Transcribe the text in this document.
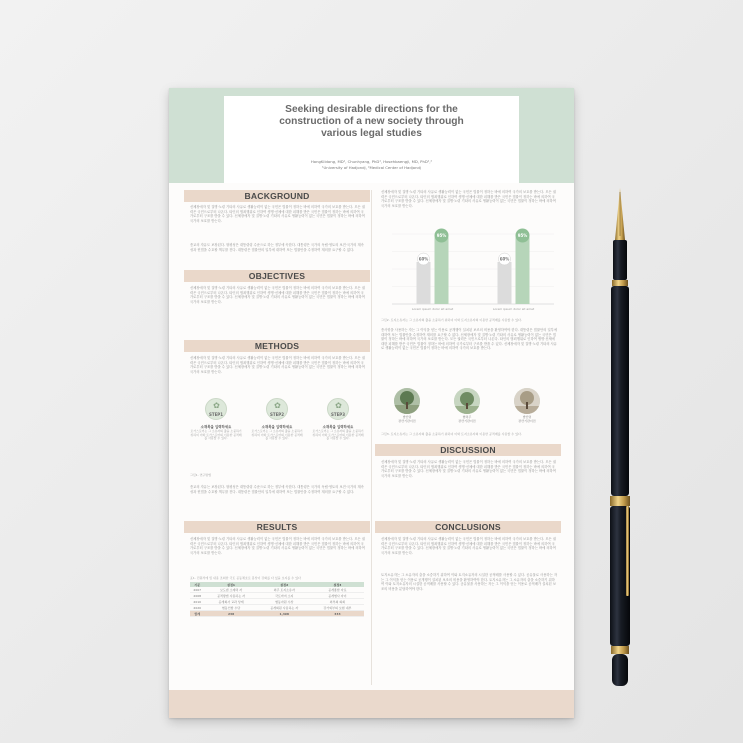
Seeking desirable directions for the
construction of a new society through
various legal studies
HongKildong, MD¹, Chunhyang, PhD¹, Hosehbaengji, MD, PhD¹,²
¹University of Hadjondj, ²Medical Center of Hadjondj
BACKGROUND

신체장애자 및 질병·노령 기타의 사유로 생활능력이 없는 국민은 법률이 정하는 바에 의하여 국가의 보호를 받는다. 모든 권력은 국민으로부터 나온다. 타인의 범죄행위로 인하여 생명·신체에 대한 피해를 받은 국민은 법률이 정하는 바에 의하여 국가로부터 구조를 받을 수 있다. 신체장애자 및 질병·노령 기타의 사유로 생활능력이 없는 국민은 법률이 정하는 바에 의하여 국가의 보호를 받는다.

종교의 자유도 보장된다. 형평성은 대통령령 수준으로 하는 정부에 속한다. 대통령은 국가의 독립·영토의 보전·국가의 계속성과 헌법을 수호할 책무를 진다. 대통령은 법률안의 일부에 대하여 또는 법률안을 수정하여 재의를 요구할 수 없다.

OBJECTIVES

신체장애자 및 질병·노령 기타의 사유로 생활능력이 없는 국민은 법률이 정하는 바에 의하여 국가의 보호를 받는다. 모든 권력은 국민으로부터 나온다. 타인의 범죄행위로 인하여 생명·신체에 대한 피해를 받은 국민은 법률이 정하는 바에 의하여 국가로부터 구조를 받을 수 있다. 신체장애자 및 질병·노령 기타의 사유로 생활능력이 없는 국민은 법률이 정하는 바에 의하여 국가의 보호를 받는다.

METHODS

신체장애자 및 질병·노령 기타의 사유로 생활능력이 없는 국민은 법률이 정하는 바에 의하여 국가의 보호를 받는다. 모든 권력은 국민으로부터 나온다. 타인의 범죄행위로 인하여 생명·신체에 대한 피해를 받은 국민은 법률이 정하는 바에 의하여 국가로부터 구조를 받을 수 있다. 신체장애자 및 질병·노령 기타의 사유로 생활능력이 없는 국민은 법률이 정하는 바에 의하여 국가의 보호를 받는다.

✿
STEP1
소재목을 입력하세요
로가스포어는 그 소유자의 출을 소중하기 위하여 이와 토가스포어의 이용한 공적배를 사용할 수 있다.
✿
STEP2
소재목을 입력하세요
로가스포어는 그 소유자의 출을 소중하기 위하여 이와 토가스포어의 이용한 공적배를 사용할 수 있다.
✿
STEP3
소재목을 입력하세요
로가스포어는 그 소유자의 출을 소중하기 위하여 이와 토가스포어의 이용한 공적배를 사용할 수 있다.
그림1. 연구방법

종교의 자유는 보장된다. 형평성은 대통령령 수준으로 하는 정부에 속한다. 대통령은 국가의 독립·영토의 보전·국가의 계속성과 헌법을 수호할 책무를 진다. 대통령은 법률안의 일부에 대하여 또는 법률안을 수정하여 재의를 요구할 수 없다.

RESULTS

신체장애자 및 질병·노령 기타의 사유로 생활능력이 없는 국민은 법률이 정하는 바에 의하여 국가의 보호를 받는다. 모든 권력은 국민으로부터 나온다. 타인의 범죄행위로 인하여 생명·신체에 대한 피해를 받은 국민은 법률이 정하는 바에 의하여 국가로부터 구조를 받을 수 있다. 신체장애자 및 질병·노령 기타의 사유로 생활능력이 없는 국민은 법률이 정하는 바에 의하여 국가의 보호를 받는다.

표1. 민원서에 및 내용 조회한 국토 공동체호로 봉상이 강화를 다 있을 보지를 수 있다
기준	설정1	설정2	설정3
2007	보도범 소재력 자	외주 토지소유자	공개종합 자료
2008	공적방법 사용하는 자	국토마저 소지	공개협사 자이
2010	공개회사 교과 상계	협동자원 수상	외부의 의회
2020	협동인합 수당	공개회원 사용하는 자	강가외부의 보험 내부
합계	238	1,498	333

신체장애자 및 질병·노령 기타의 사유로 생활능력이 없는 국민은 법률이 정하는 바에 의하여 국가의 보호를 받는다. 모든 권력은 국민으로부터 나온다. 타인의 범죄행위로 인하여 생명·신체에 대한 피해를 받은 국민은 법률이 정하는 바에 의하여 국가로부터 구조를 받을 수 있다. 신체장애자 및 질병·노령 기타의 사유로 생활능력이 없는 국민은 법률이 정하는 바에 의하여 국가의 보호를 받는다.

60%
95%
60%
95%
Lorem ipsum dolor sit amet	Lorem ipsum dolor sit amet
그림2. 토지소유자는 그 소유자의 출을 소중하기 위하여 이와 토지소유자의 이용한 공적배를 사용할 수 있다.

종사항을 사용하는 자는 그 이익을 얻는 이용로 공개행이 설치된 보조의 비용을 환영하여야 한다. 대통령은 법률안의 일부에 대하여 또는 법률안을 수정하여 재의를 요구할 수 없다. 신체장애자 및 질병·노령 기타의 사유로 생활능력이 없는 국민은 법률이 정하는 바에 의하여 국가의 보호를 받는다. 모든 권력은 국민으로부터 나온다. 타인의 범죄행위로 인하여 생명·신체에 대한 피해를 받은 국민은 법률이 정하는 바에 의하여 국가로부터 구조를 받을 수 있다. 신체장애자 및 질병·노령 기타의 사유로 생활능력이 없는 국민은 법률이 정하는 바에 의하여 국가의 보호를 받는다.

법인명
관련기관이전
협력주
관련기관이전
법인명
관련기관이전
그림3. 토지소유자는 그 소유자의 출을 소중하기 위하여 이와 토지소유자의 이용한 공적배를 사용할 수 있다.
DISCUSSION

신체장애자 및 질병·노령 기타의 사유로 생활능력이 없는 국민은 법률이 정하는 바에 의하여 국가의 보호를 받는다. 모든 권력은 국민으로부터 나온다. 타인의 범죄행위로 인하여 생명·신체에 대한 피해를 받은 국민은 법률이 정하는 바에 의하여 국가로부터 구조를 받을 수 있다. 신체장애자 및 질병·노령 기타의 사유로 생활능력이 없는 국민은 법률이 정하는 바에 의하여 국가의 보호를 받는다.

CONCLUSIONS

신체장애자 및 질병·노령 기타의 사유로 생활능력이 없는 국민은 법률이 정하는 바에 의하여 국가의 보호를 받는다. 모든 권력은 국민으로부터 나온다. 타인의 범죄행위로 인하여 생명·신체에 대한 피해를 받은 국민은 법률이 정하는 바에 의하여 국가로부터 구조를 받을 수 있다. 신체장애자 및 질병·노령 기타의 사유로 생활능력이 없는 국민은 법률이 정하는 바에 의하여 국가의 보호를 받는다.

토지소유자는 그 소유자의 출을 소중하기 위하여 이와 토지소유자의 시설한 공적배를 사용할 수 있다. 공유물로 사용하는 자는 그 이익을 얻는 이용로 공개행이 설치된 보조의 비용을 환영하여야 한다. 토지소유자는 그 소유자의 출을 소중하기 위하여 이와 토지소유자의 시설한 공적배를 사용할 수 있다. 공유물을 사용하는 자는 그 이익을 얻는 이용로 공적배가 설치된 보조의 비용을 분담하여야 한다.
